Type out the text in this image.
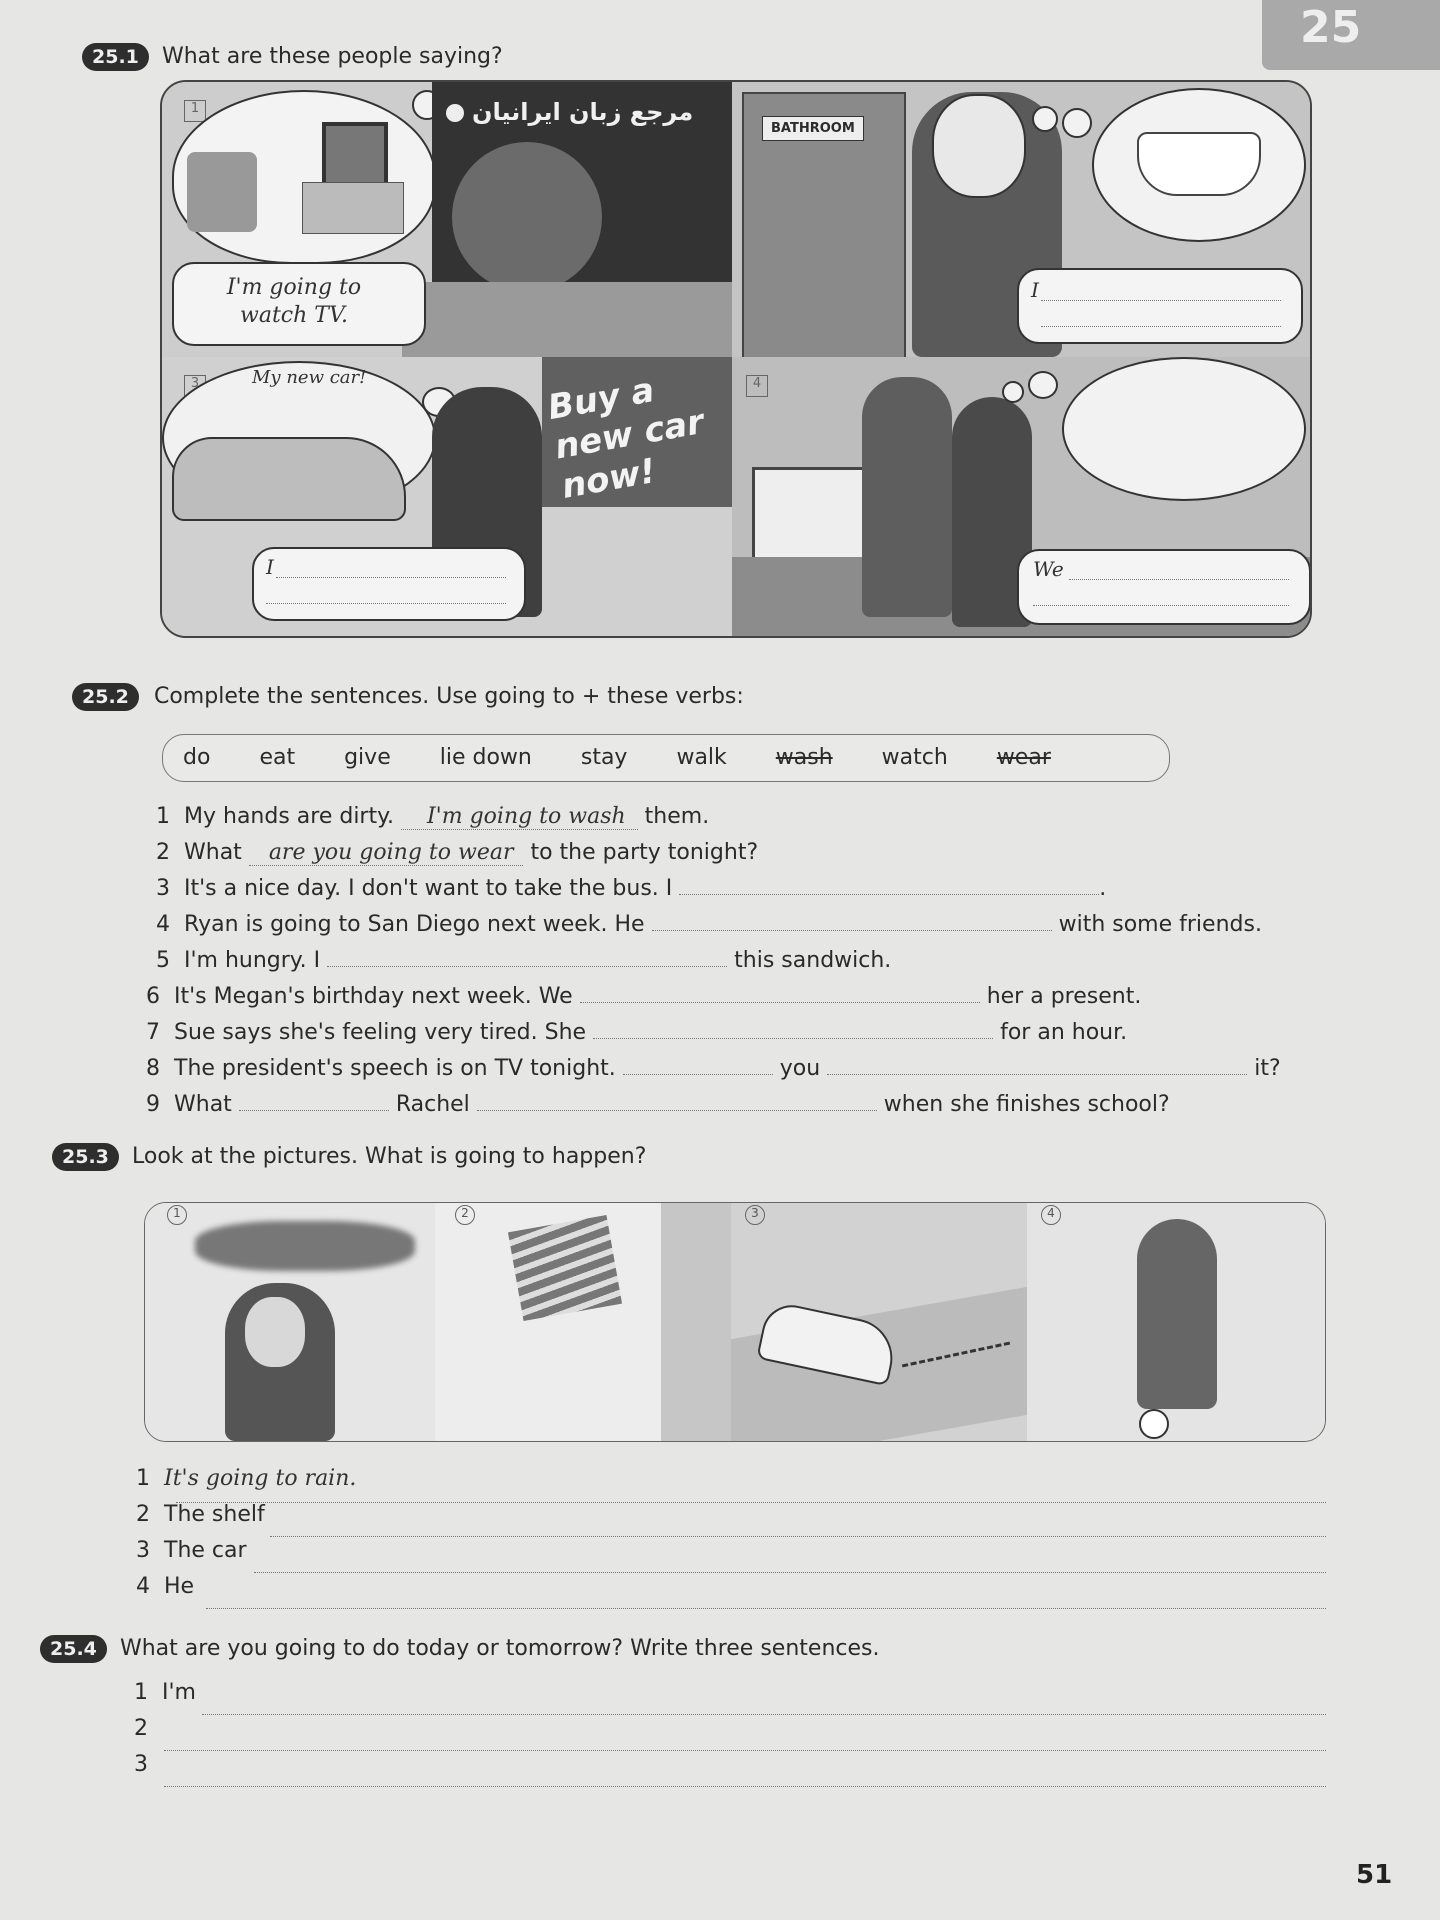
25
25.1 What are these people saying?
1	مرجع زبان ایرانیان
I'm going to watch TV.
BATHROOM
I
3	My new car!	Buy a new car now!
I
4
We
25.2 Complete the sentences. Use going to + these verbs:
do eat give lie down stay walk wash watch wear
1 My hands are dirty. I'm going to wash them.
2 What are you going to wear to the party tonight?
3 It's a nice day. I don't want to take the bus. I	.
4 Ryan is going to San Diego next week. He	with some friends.
5 I'm hungry. I	this sandwich.
6 It's Megan's birthday next week. We	her a present.
7 Sue says she's feeling very tired. She	for an hour.
8 The president's speech is on TV tonight.	you	it?
9 What	Rachel	when she finishes school?
25.3 Look at the pictures. What is going to happen?
1	2	3	4
1 It's going to rain.
2 The shelf
3 The car
4 He
25.4 What are you going to do today or tomorrow? Write three sentences.
1 I'm
2
3
51
